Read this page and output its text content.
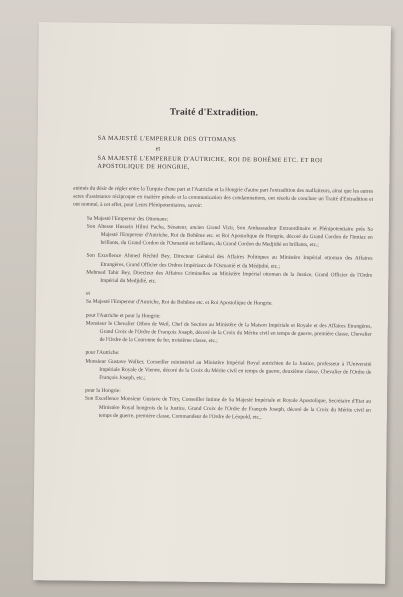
Traité d'Extradition.
SA MAJESTÉ L'EMPEREUR DES OTTOMANS
et
SA MAJESTÉ L'EMPEREUR D'AUTRICHE, ROI DE BOHÊME ETC. ET ROI APOSTOLIQUE DE HONGRIE,
animés du désir de régler entre la Turquie d'une part et l'Autriche et la Hongrie d'autre part l'extradition des malfaiteurs, ainsi que les autres actes d'assistance réciproque en matière pénale et la communication des condamnations, ont résolu de conclure un Traité d'Extradition et ont nommé, à cet effet, pour Leurs Plénipotentiaires, savoir:
Sa Majesté l'Empereur des Ottomans:
Son Altesse Hussein Hilmi Pacha, Sénateur, ancien Grand Vizir, Son Ambassadeur Extraordinaire et Plénipotentiaire près Sa Majesté l'Empereur d'Autriche, Roi de Bohême etc. et Roi Apostolique de Hongrie, décoré du Grand Cordon de l'Imtiaz en brillants, du Grand Cordon de l'Osmanié en brillants, du Grand Cordon du Medjidié en brillants, etc.;
Son Excellence Ahmed Réchid Bey, Directeur Général des Affaires Politiques au Ministère Impérial ottoman des Affaires Etrangères, Grand Officier des Ordres Impériaux de l'Osmanié et du Médjidié, etc.;
Mehmed Tahir Bey, Directeur des Affaires Criminelles au Ministère Impérial ottoman de la Justice, Grand Officier de l'Ordre Impérial du Medjidié, etc.
et
Sa Majesté l'Empereur d'Autriche, Roi de Bohême etc. et Roi Apostolique de Hongrie:
pour l'Autriche et pour la Hongrie:
Monsieur le Chevalier Othon de Weil, Chef de Section au Ministère de la Maison Impériale et Royale et des Affaires Etrangères, Grand Croix de l'Ordre de François Joseph, décoré de la Croix du Mérite civil en temps de guerre, première classe, Chevalier de l'Ordre de la Couronne de fer, troisième classe, etc.;
pour l'Autriche:
Monsieur Gustave Walker, Conseiller ministériel au Ministère Impérial Royal autrichien de la Justice, professeur à l'Université Impériale Royale de Vienne, décoré de la Croix du Mérite civil en temps de guerre, deuxième classe, Chevalier de l'Ordre de François Joseph, etc.;
pour la Hongrie:
Son Excellence Monsieur Gustave de Töry, Conseiller Intime de Sa Majesté Impériale et Royale Apostolique, Secrétaire d'Etat au Ministère Royal hongrois de la Justice, Grand Croix de l'Ordre de François Joseph, décoré de la Croix du Mérite civil en temps de guerre, première classe, Commandeur de l'Ordre de Léopold, etc.,
